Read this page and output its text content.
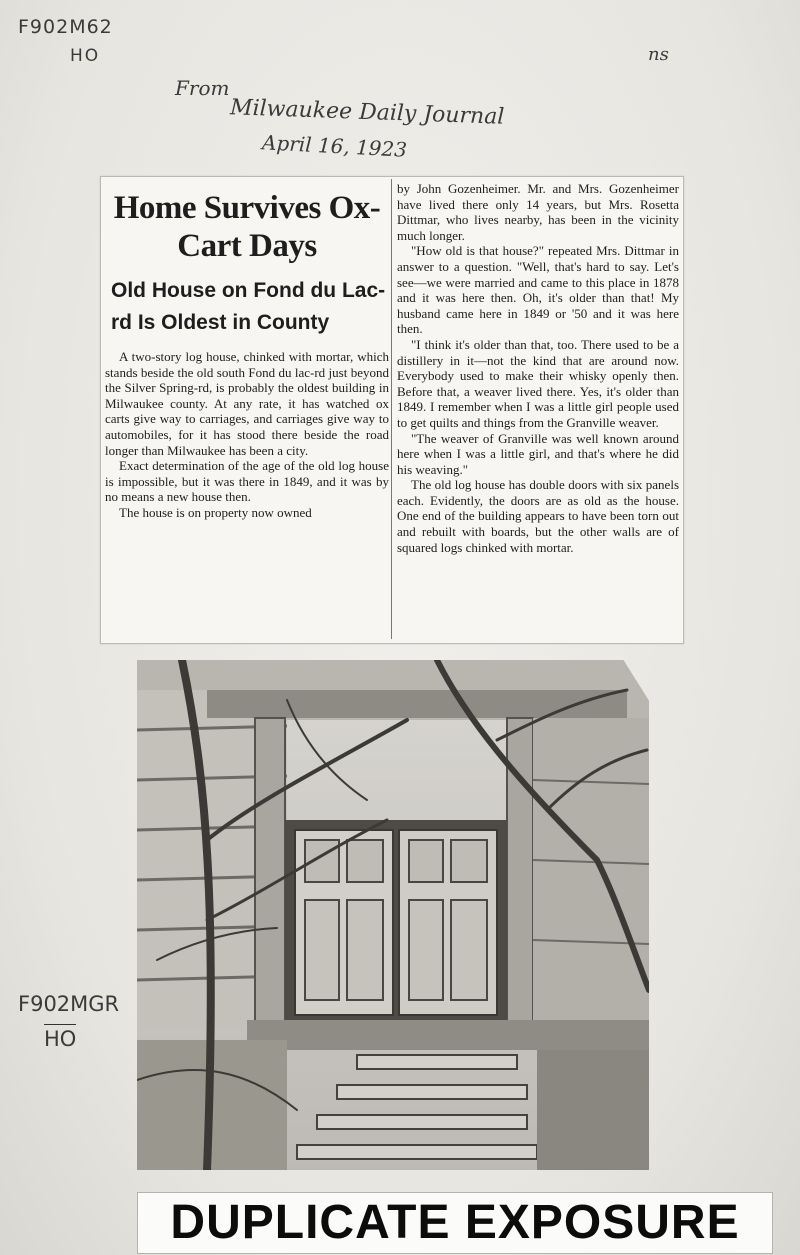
F902M62
HO	ns
From
Milwaukee Daily Journal
April 16, 1923
Home Survives Ox-Cart Days
Old House on Fond du Lac-rd Is Oldest in County

A two-story log house, chinked with mortar, which stands beside the old south Fond du lac-rd just beyond the Silver Spring-rd, is probably the oldest building in Milwaukee county. At any rate, it has watched ox carts give way to carriages, and carriages give way to automobiles, for it has stood there beside the road longer than Milwaukee has been a city.

Exact determination of the age of the old log house is impossible, but it was there in 1849, and it was by no means a new house then.

The house is on property now owned

by John Gozenheimer. Mr. and Mrs. Gozenheimer have lived there only 14 years, but Mrs. Rosetta Dittmar, who lives nearby, has been in the vicinity much longer.

"How old is that house?" repeated Mrs. Dittmar in answer to a question. "Well, that's hard to say. Let's see—we were married and came to this place in 1878 and it was here then. Oh, it's older than that! My husband came here in 1849 or '50 and it was here then.

"I think it's older than that, too. There used to be a distillery in it—not the kind that are around now. Everybody used to make their whisky openly then. Before that, a weaver lived there. Yes, it's older than 1849. I remember when I was a little girl people used to get quilts and things from the Granville weaver.

"The weaver of Granville was well known around here when I was a little girl, and that's where he did his weaving."

The old log house has double doors with six panels each. Evidently, the doors are as old as the house. One end of the building appears to have been torn out and rebuilt with boards, but the other walls are of squared logs chinked with mortar.

F902MGR
HO
DUPLICATE EXPOSURE
